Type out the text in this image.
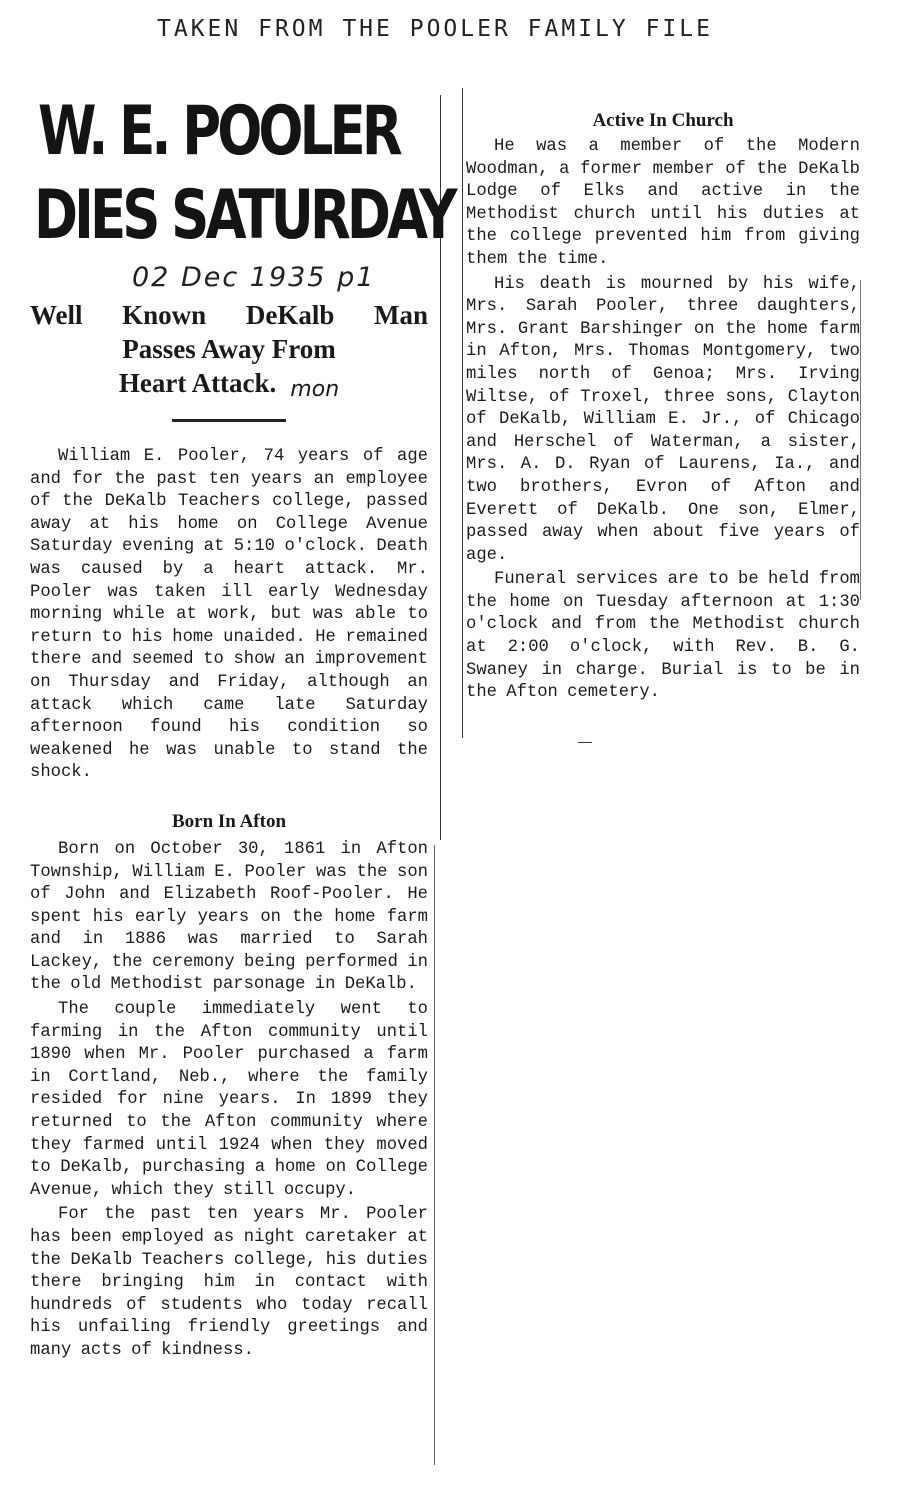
TAKEN FROM THE POOLER FAMILY FILE
W. E. POOLER
DIES SATURDAY
02 Dec 1935 p1
Well Known DeKalb Man
Passes Away From
Heart Attack. mon

William E. Pooler, 74 years of age and for the past ten years an employee of the DeKalb Teachers college, passed away at his home on College Avenue Saturday evening at 5:10 o'clock. Death was caused by a heart attack. Mr. Pooler was taken ill early Wednesday morning while at work, but was able to return to his home unaided. He remained there and seemed to show an improvement on Thursday and Friday, although an attack which came late Saturday afternoon found his condition so weakened he was unable to stand the shock.

Born In Afton

Born on October 30, 1861 in Afton Township, William E. Pooler was the son of John and Elizabeth Roof-Pooler. He spent his early years on the home farm and in 1886 was married to Sarah Lackey, the ceremony being performed in the old Methodist parsonage in DeKalb.

The couple immediately went to farming in the Afton community until 1890 when Mr. Pooler purchased a farm in Cortland, Neb., where the family resided for nine years. In 1899 they returned to the Afton community where they farmed until 1924 when they moved to DeKalb, purchasing a home on College Avenue, which they still occupy.

For the past ten years Mr. Pooler has been employed as night caretaker at the DeKalb Teachers college, his duties there bringing him in contact with hundreds of students who today recall his unfailing friendly greetings and many acts of kindness.

Active In Church

He was a member of the Modern Woodman, a former member of the DeKalb Lodge of Elks and active in the Methodist church until his duties at the college prevented him from giving them the time.

His death is mourned by his wife, Mrs. Sarah Pooler, three daughters, Mrs. Grant Barshinger on the home farm in Afton, Mrs. Thomas Montgomery, two miles north of Genoa; Mrs. Irving Wiltse, of Troxel, three sons, Clayton of DeKalb, William E. Jr., of Chicago and Herschel of Waterman, a sister, Mrs. A. D. Ryan of Laurens, Ia., and two brothers, Evron of Afton and Everett of DeKalb. One son, Elmer, passed away when about five years of age.

Funeral services are to be held from the home on Tuesday afternoon at 1:30 o'clock and from the Methodist church at 2:00 o'clock, with Rev. B. G. Swaney in charge. Burial is to be in the Afton cemetery.
